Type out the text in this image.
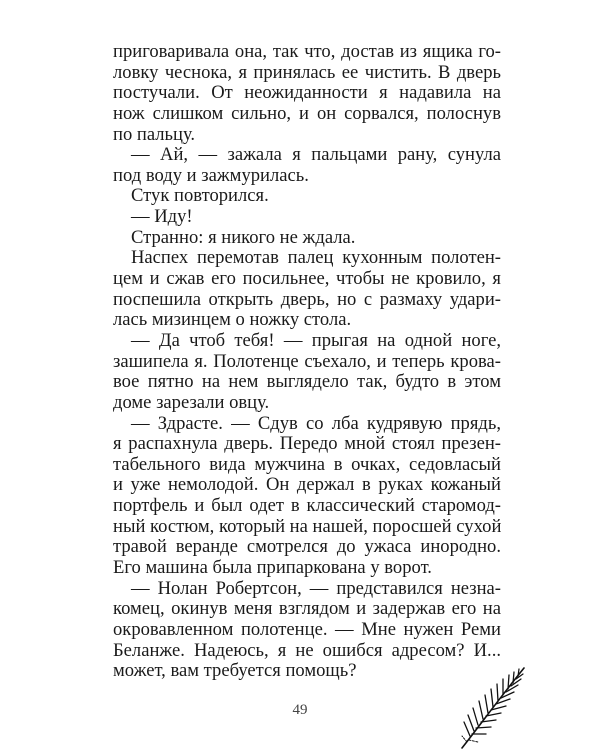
приговаривала она, так что, достав из ящика го-
ловку чеснока, я принялась ее чистить. В дверь
постучали. От неожиданности я надавила на
нож слишком сильно, и он сорвался, полоснув
по пальцу.
— Ай, — зажала я пальцами рану, сунула
под воду и зажмурилась.
Стук повторился.
— Иду!
Странно: я никого не ждала.
Наспех перемотав палец кухонным полотен-
цем и сжав его посильнее, чтобы не кровило, я
поспешила открыть дверь, но с размаху удари-
лась мизинцем о ножку стола.
— Да чтоб тебя! — прыгая на одной ноге,
зашипела я. Полотенце съехало, и теперь крова-
вое пятно на нем выглядело так, будто в этом
доме зарезали овцу.
— Здрасте. — Сдув со лба кудрявую прядь,
я распахнула дверь. Передо мной стоял презен-
табельного вида мужчина в очках, седовласый
и уже немолодой. Он держал в руках кожаный
портфель и был одет в классический старомод-
ный костюм, который на нашей, поросшей сухой
травой веранде смотрелся до ужаса инородно.
Его машина была припаркована у ворот.
— Нолан Робертсон, — представился незна-
комец, окинув меня взглядом и задержав его на
окровавленном полотенце. — Мне нужен Реми
Беланже. Надеюсь, я не ошибся адресом? И...
может, вам требуется помощь?
49
